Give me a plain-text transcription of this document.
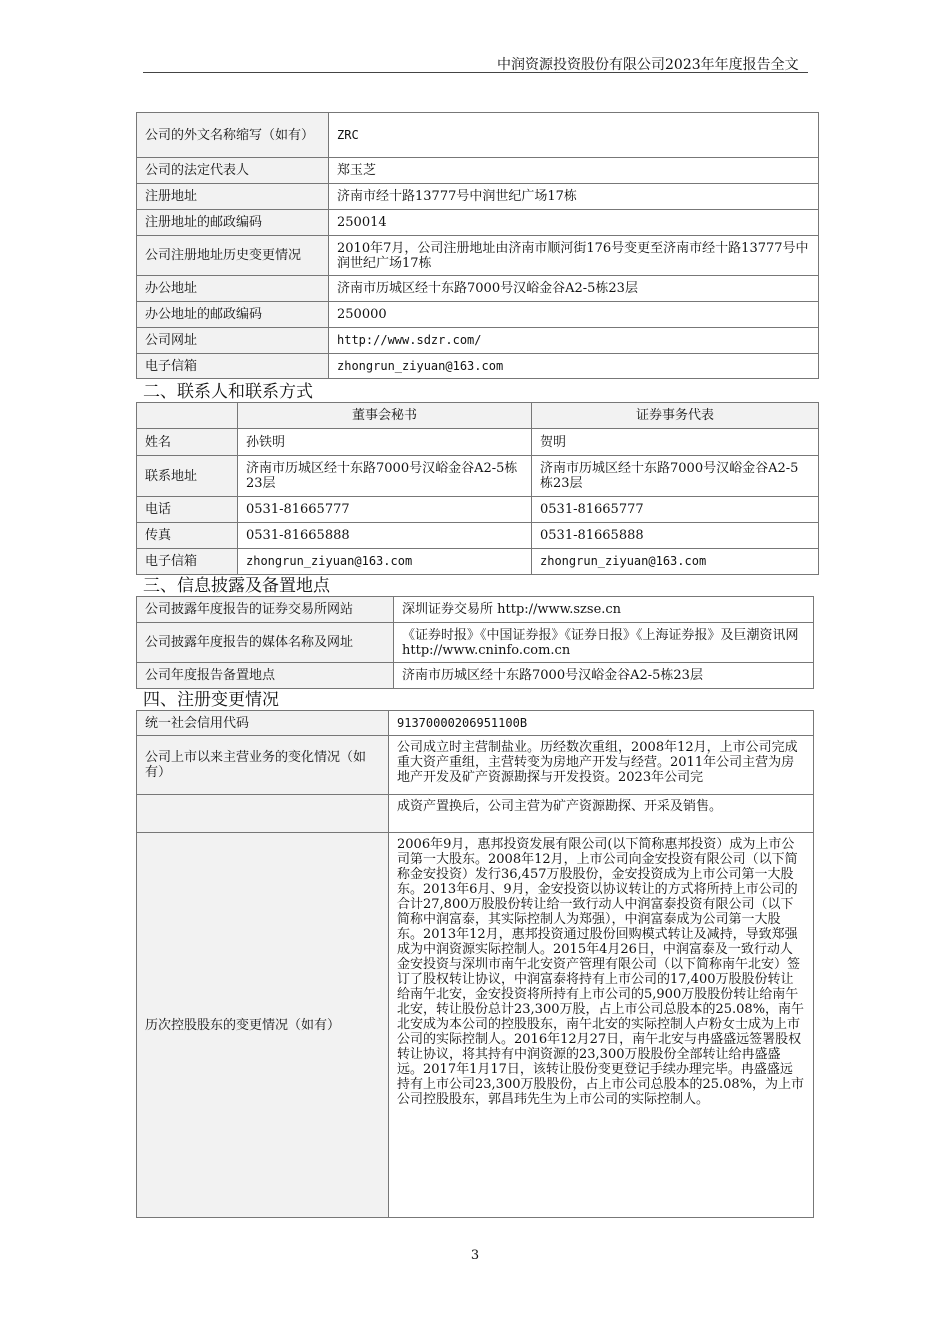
中润资源投资股份有限公司2023年年度报告全文
公司的外文名称缩写（如有）	ZRC
公司的法定代表人	郑玉芝
注册地址	济南市经十路13777号中润世纪广场17栋
注册地址的邮政编码	250014
公司注册地址历史变更情况	2010年7月，公司注册地址由济南市顺河街176号变更至济南市经十路13777号中润世纪广场17栋
办公地址	济南市历城区经十东路7000号汉峪金谷A2-5栋23层
办公地址的邮政编码	250000
公司网址	http://www.sdzr.com/
电子信箱	zhongrun_ziyuan@163.com
二、联系人和联系方式
	董事会秘书	证券事务代表
姓名	孙铁明	贺明
联系地址	济南市历城区经十东路7000号汉峪金谷A2-5栋23层	济南市历城区经十东路7000号汉峪金谷A2-5栋23层
电话	0531-81665777	0531-81665777
传真	0531-81665888	0531-81665888
电子信箱	zhongrun_ziyuan@163.com	zhongrun_ziyuan@163.com
三、信息披露及备置地点
公司披露年度报告的证券交易所网站	深圳证券交易所 http://www.szse.cn
公司披露年度报告的媒体名称及网址	《证券时报》《中国证券报》《证券日报》《上海证券报》及巨潮资讯网 http://www.cninfo.com.cn
公司年度报告备置地点	济南市历城区经十东路7000号汉峪金谷A2-5栋23层
四、注册变更情况
统一社会信用代码	91370000206951100B
公司上市以来主营业务的变化情况（如有）	公司成立时主营制盐业。历经数次重组，2008年12月，上市公司完成重大资产重组，主营转变为房地产开发与经营。2011年公司主营为房地产开发及矿产资源勘探与开发投资。2023年公司完
	成资产置换后，公司主营为矿产资源勘探、开采及销售。
历次控股股东的变更情况（如有）	2006年9月，惠邦投资发展有限公司(以下简称惠邦投资）成为上市公司第一大股东。2008年12月，上市公司向金安投资有限公司（以下简称金安投资）发行36,457万股股份，金安投资成为上市公司第一大股东。2013年6月、9月，金安投资以协议转让的方式将所持上市公司的合计27,800万股股份转让给一致行动人中润富泰投资有限公司（以下简称中润富泰，其实际控制人为郑强），中润富泰成为公司第一大股东。2013年12月，惠邦投资通过股份回购模式转让及减持，导致郑强成为中润资源实际控制人。2015年4月26日，中润富泰及一致行动人金安投资与深圳市南午北安资产管理有限公司（以下简称南午北安）签订了股权转让协议，中润富泰将持有上市公司的17,400万股股份转让给南午北安，金安投资将所持有上市公司的5,900万股股份转让给南午北安，转让股份总计23,300万股，占上市公司总股本的25.08%，南午北安成为本公司的控股股东，南午北安的实际控制人卢粉女士成为上市公司的实际控制人。2016年12月27日，南午北安与冉盛盛远签署股权转让协议，将其持有中润资源的23,300万股股份全部转让给冉盛盛远。2017年1月17日，该转让股份变更登记手续办理完毕。冉盛盛远持有上市公司23,300万股股份，占上市公司总股本的25.08%，为上市公司控股股东，郭昌玮先生为上市公司的实际控制人。
3
